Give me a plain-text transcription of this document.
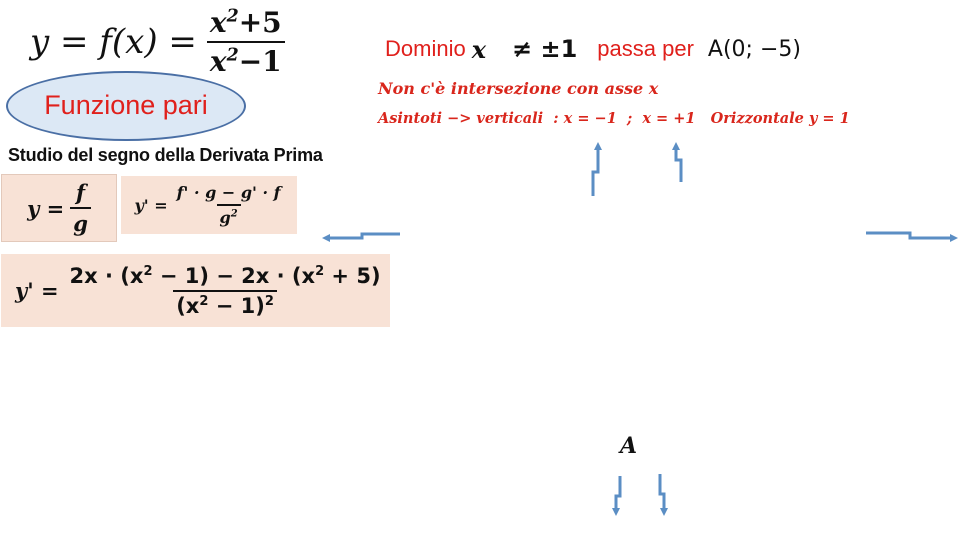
$y = f(x) = \frac{x^2+5}{x^2-1}$
Funzione pari
Dominio x ≠ ±1 passa per A(0; −5)
Non c'è intersezione con asse x
Asintoti −> verticali  : x = −1  ;  x = +1   Orizzontale y = 1
Studio del segno della Derivata Prima
$y = \frac{f}{g}$	$y' = \frac{f' \cdot g - g' \cdot f}{g^2}$
$y' = \frac{2x \cdot (x^2 - 1) - 2x \cdot (x^2 + 5)}{(x^2 - 1)^2}$
A
